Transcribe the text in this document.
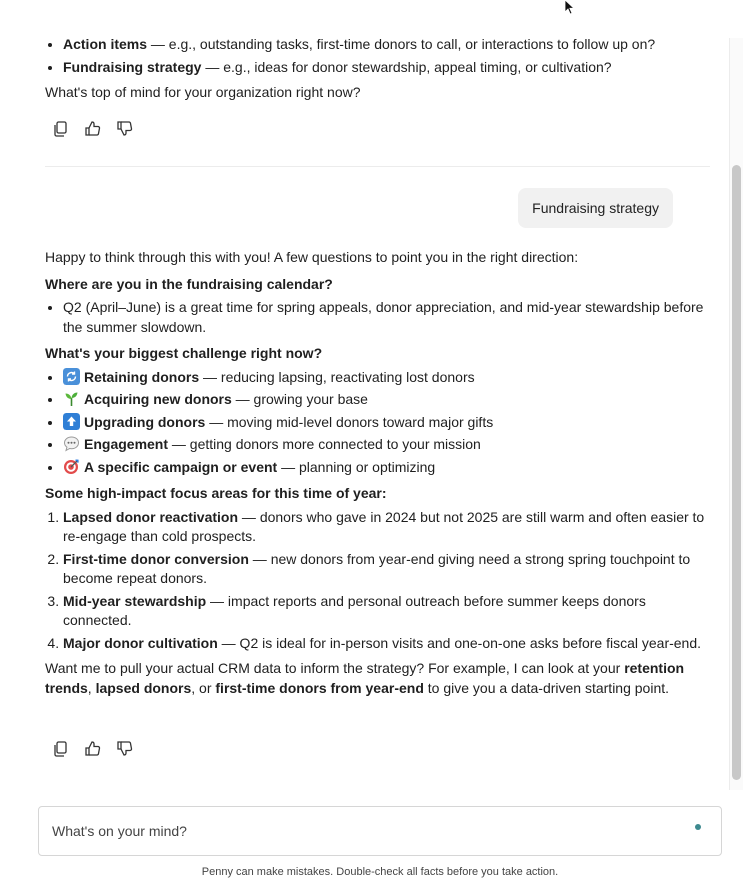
• Action items — e.g., outstanding tasks, first-time donors to call, or interactions to follow up on?
• Fundraising strategy — e.g., ideas for donor stewardship, appeal timing, or cultivation?

What's top of mind for your organization right now?

Fundraising strategy

Happy to think through this with you! A few questions to point you in the right direction:

Where are you in the fundraising calendar?

• Q2 (April–June) is a great time for spring appeals, donor appreciation, and mid-year stewardship before the summer slowdown.

What's your biggest challenge right now?

• Retaining donors — reducing lapsing, reactivating lost donors
• Acquiring new donors — growing your base
• Upgrading donors — moving mid-level donors toward major gifts
• Engagement — getting donors more connected to your mission
• A specific campaign or event — planning or optimizing

Some high-impact focus areas for this time of year:

1. Lapsed donor reactivation — donors who gave in 2024 but not 2025 are still warm and often easier to re-engage than cold prospects.
2. First-time donor conversion — new donors from year-end giving need a strong spring touchpoint to become repeat donors.
3. Mid-year stewardship — impact reports and personal outreach before summer keeps donors connected.
4. Major donor cultivation — Q2 is ideal for in-person visits and one-on-one asks before fiscal year-end.

Want me to pull your actual CRM data to inform the strategy? For example, I can look at your retention trends, lapsed donors, or first-time donors from year-end to give you a data-driven starting point.

What's on your mind?
Penny can make mistakes. Double-check all facts before you take action.
